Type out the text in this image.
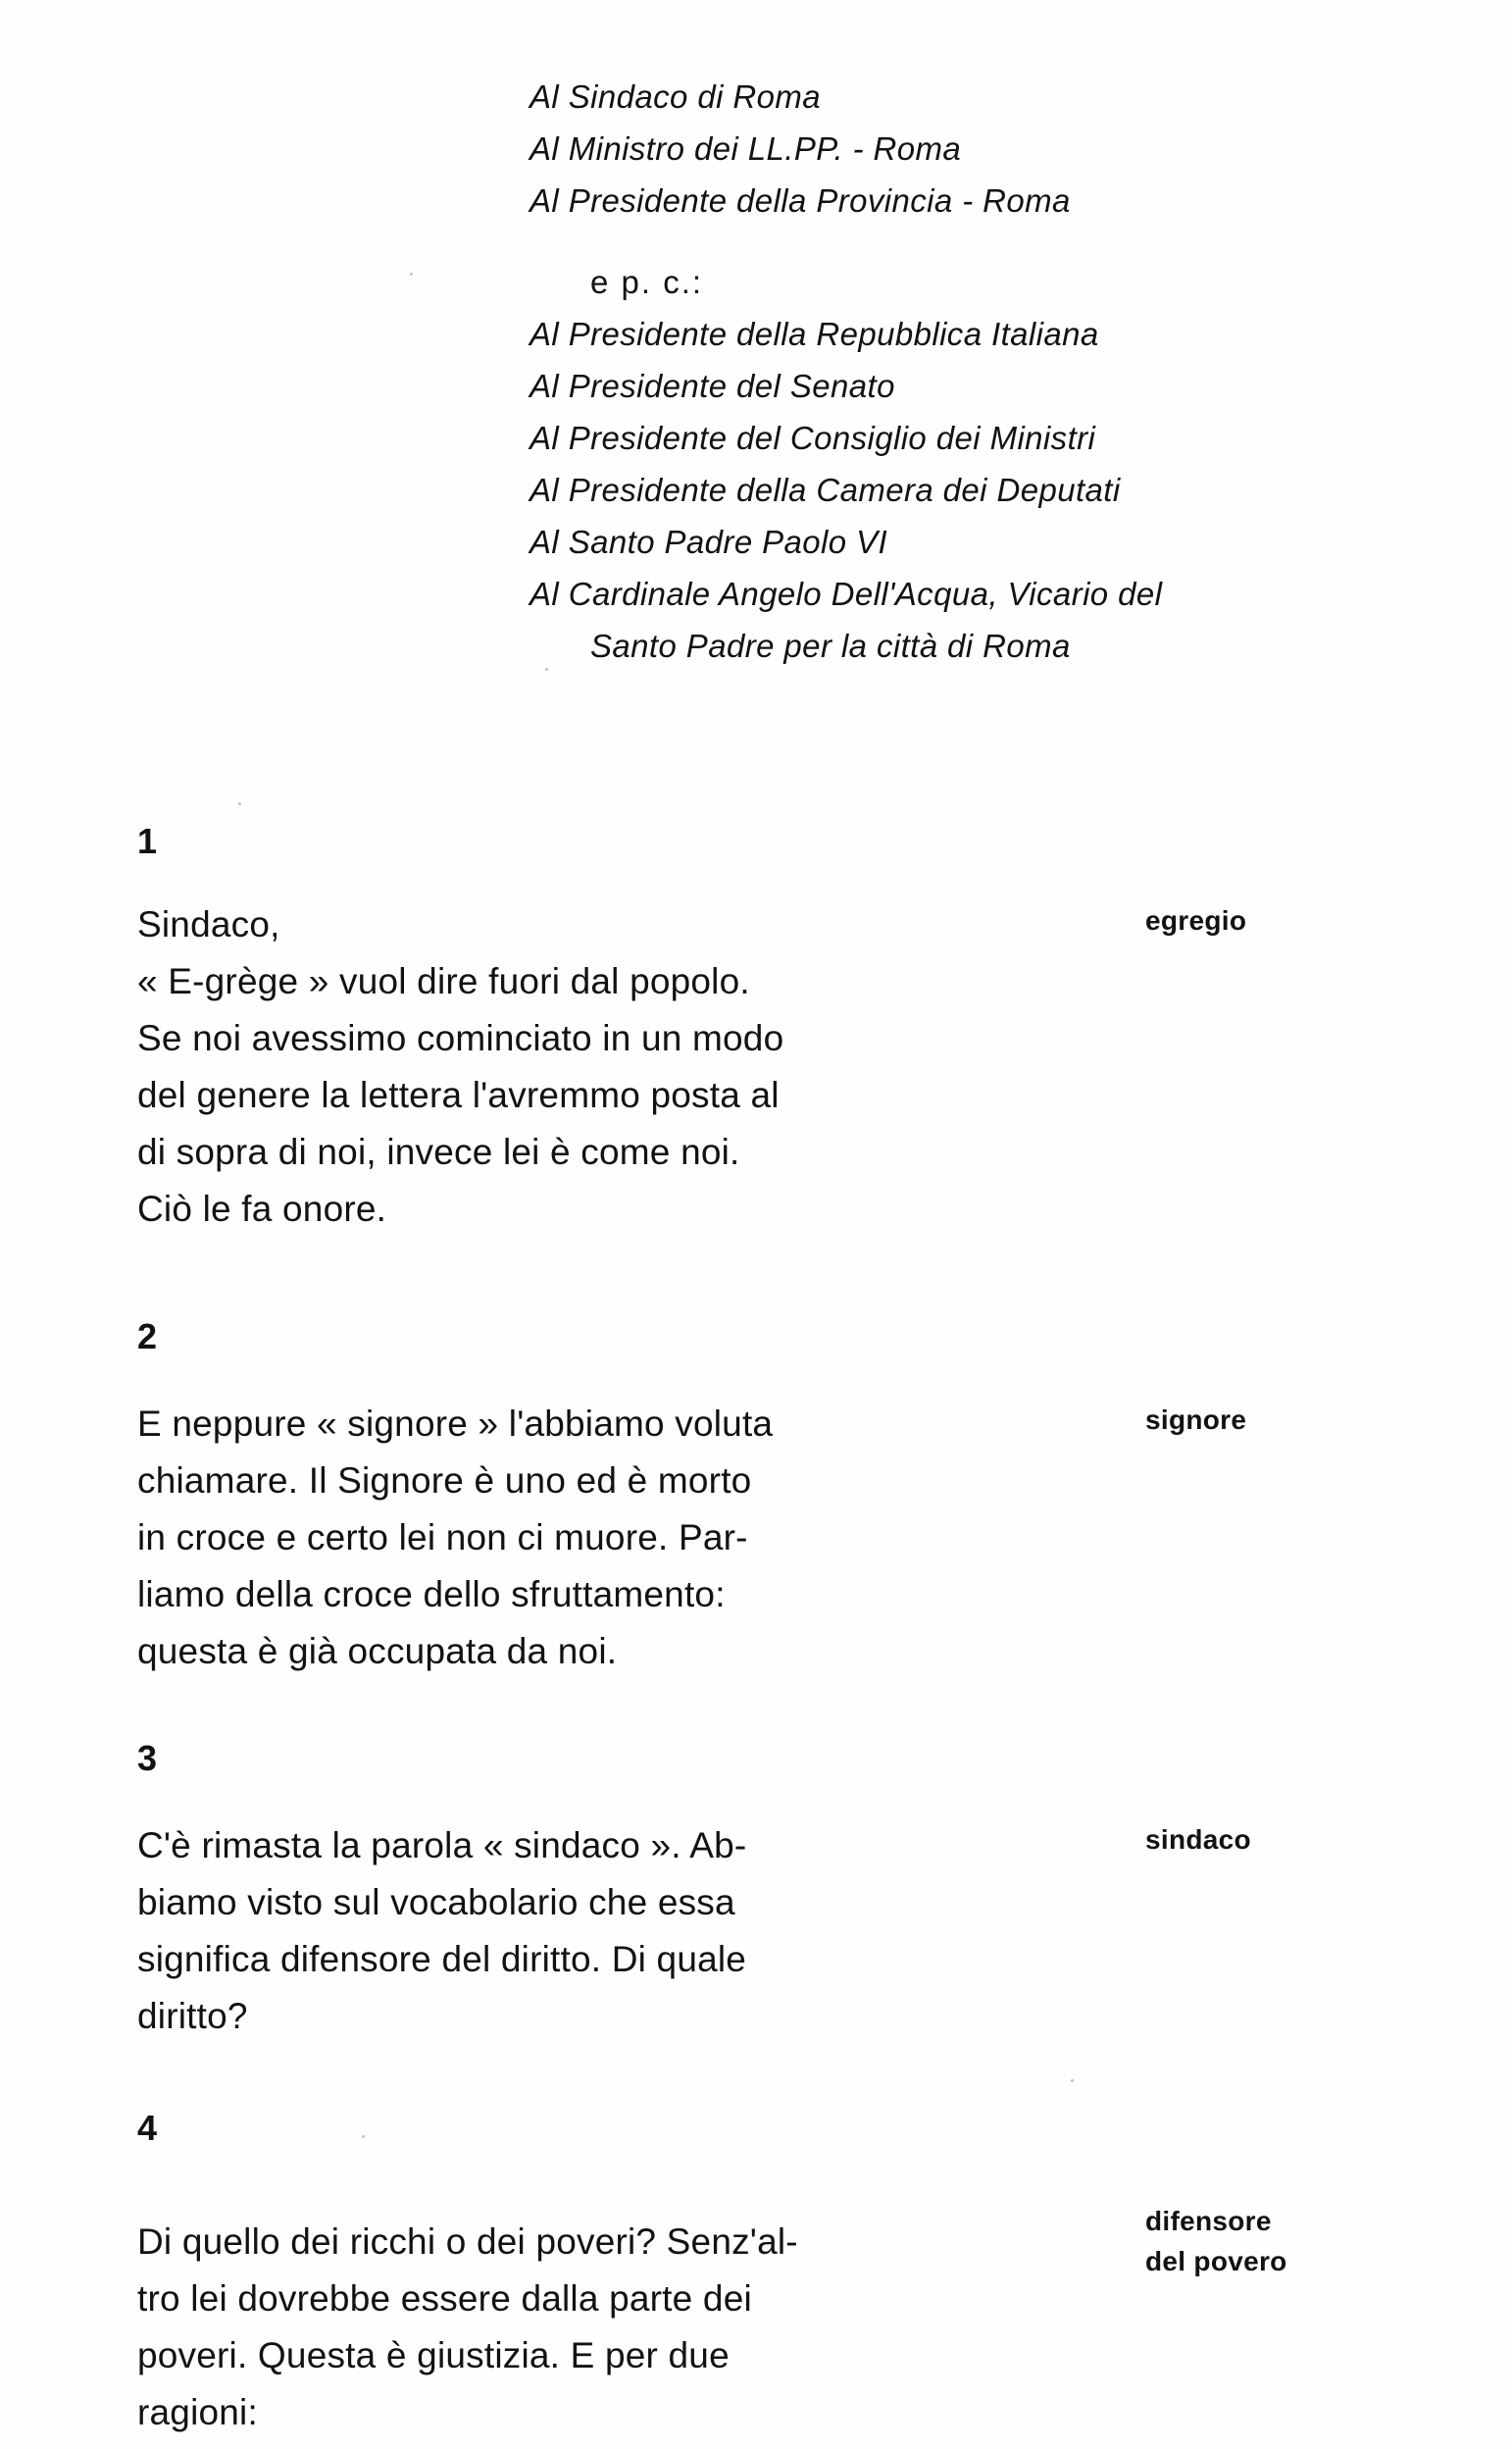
Al Sindaco di Roma
Al Ministro dei LL.PP. - Roma
Al Presidente della Provincia - Roma
e p. c.:
Al Presidente della Repubblica Italiana
Al Presidente del Senato
Al Presidente del Consiglio dei Ministri
Al Presidente della Camera dei Deputati
Al Santo Padre Paolo VI
Al Cardinale Angelo Dell'Acqua, Vicario del
Santo Padre per la città di Roma
1
Sindaco,
« E-grège » vuol dire fuori dal popolo.
Se noi avessimo cominciato in un modo
del genere la lettera l'avremmo posta al
di sopra di noi, invece lei è come noi.
Ciò le fa onore.
egregio
2
E neppure « signore » l'abbiamo voluta
chiamare. Il Signore è uno ed è morto
in croce e certo lei non ci muore. Par-
liamo della croce dello sfruttamento:
questa è già occupata da noi.
signore
3
C'è rimasta la parola « sindaco ». Ab-
biamo visto sul vocabolario che essa
significa difensore del diritto. Di quale
diritto?
sindaco
4
Di quello dei ricchi o dei poveri? Senz'al-
tro lei dovrebbe essere dalla parte dei
poveri. Questa è giustizia. E per due
ragioni:
difensore
del povero
